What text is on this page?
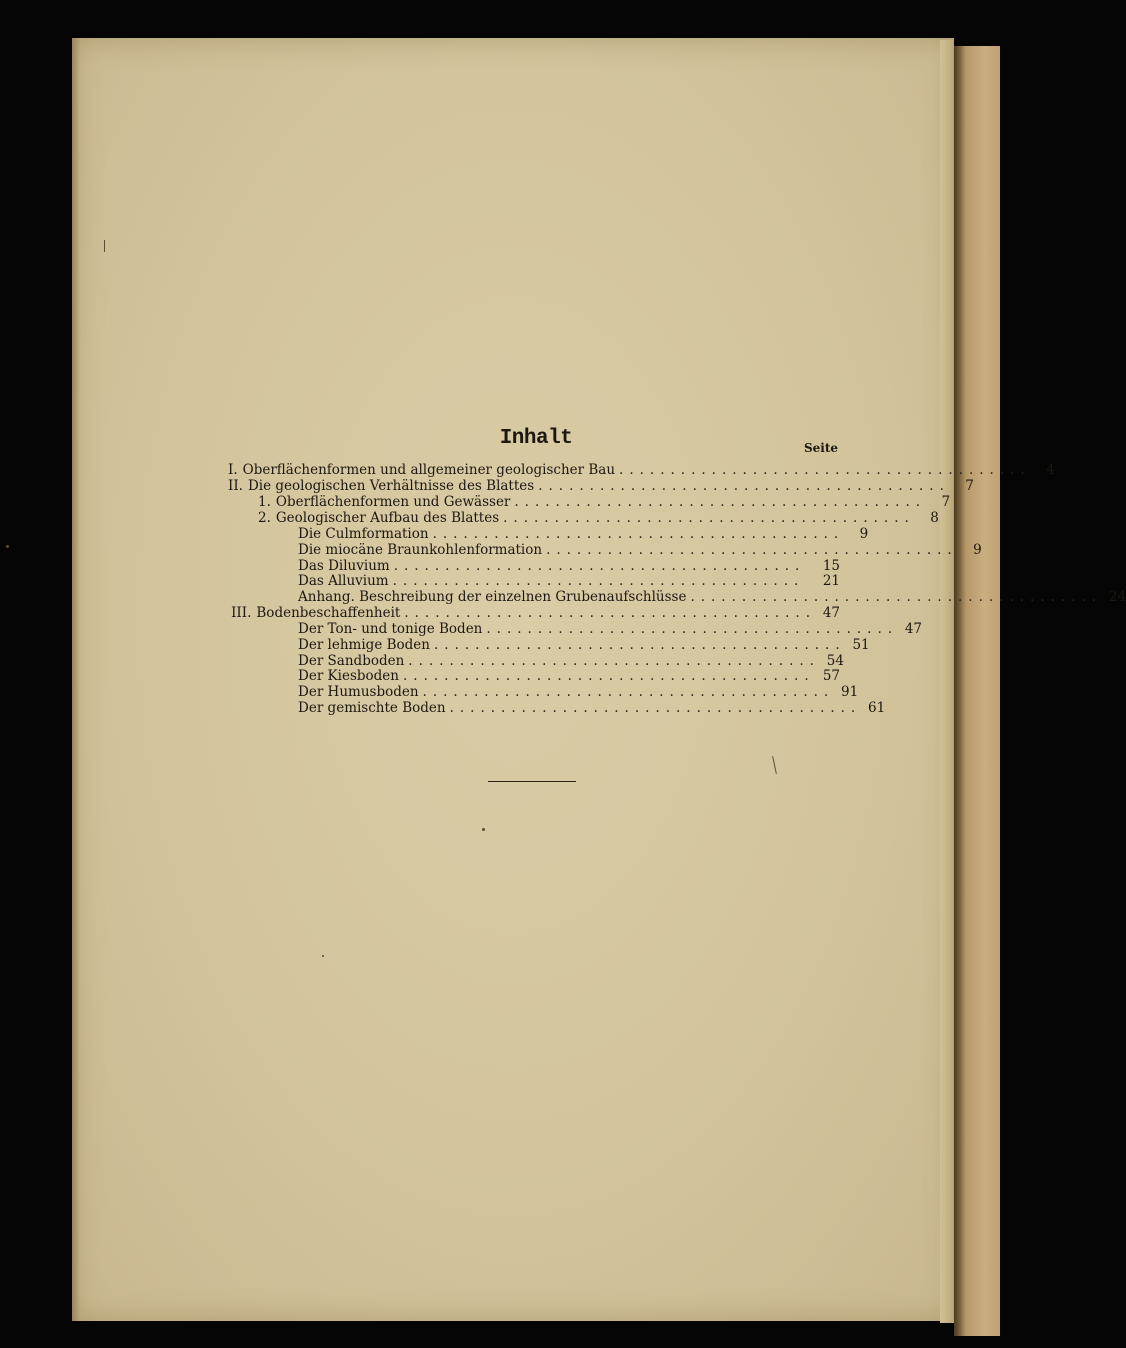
Inhalt	Seite
I. Oberflächenformen und allgemeiner geologischer Bau ........................................	4
II. Die geologischen Verhältnisse des Blattes ........................................	7
1. Oberflächenformen und Gewässer ........................................	7
2. Geologischer Aufbau des Blattes ........................................	8
Die Culmformation ........................................	9
Die miocäne Braunkohlenformation ........................................	9
Das Diluvium ........................................	15
Das Alluvium ........................................	21
Anhang. Beschreibung der einzelnen Grubenaufschlüsse ........................................ 24
III. Bodenbeschaffenheit ........................................ 47
Der Ton- und tonige Boden ........................................ 47
Der lehmige Boden ........................................ 51
Der Sandboden ........................................ 54
Der Kiesboden ........................................ 57
Der Humusboden ........................................ 91
Der gemischte Boden ........................................ 61
